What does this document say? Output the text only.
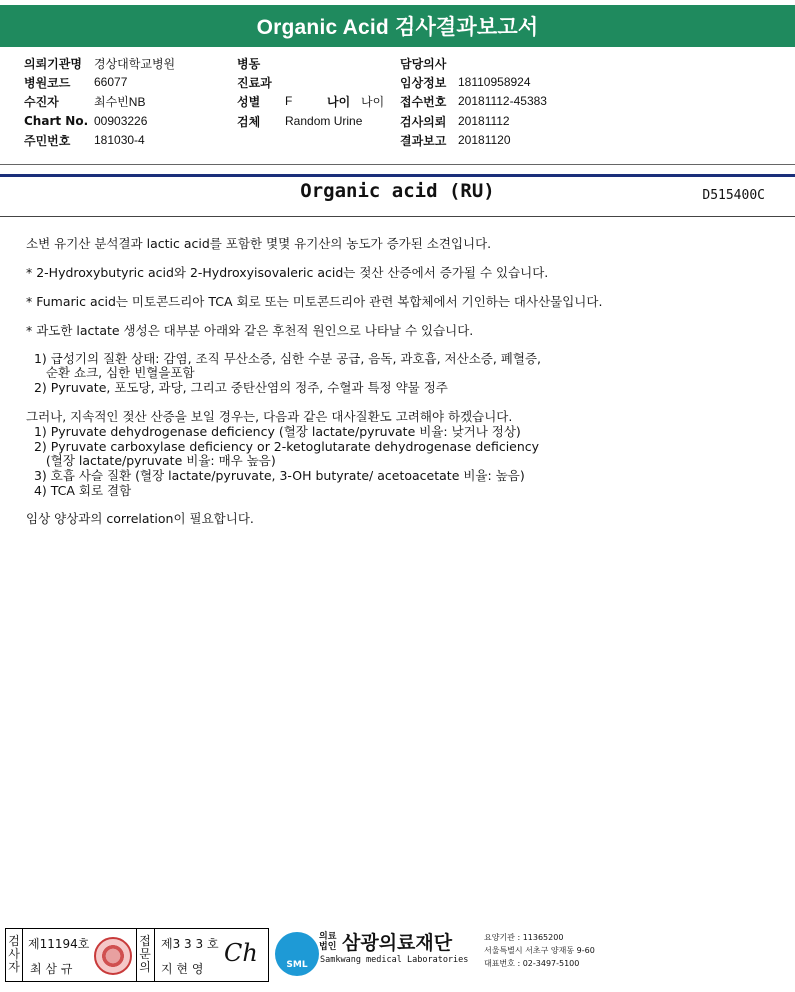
Organic Acid 검사결과보고서
의뢰기관명	경상대학교병원
병원코드	66077
수진자	최수빈NB
Chart No. 00903226
주민번호	181030-4
병동
진료과
성별	F	나이 나이
검체	Random Urine
담당의사
임상정보 18110958924
접수번호 20181112-45383
검사의뢰 20181112
결과보고 20181120
Organic acid (RU)	D515400C
소변 유기산 분석결과 lactic acid를 포함한 몇몇 유기산의 농도가 증가된 소견입니다.
* 2-Hydroxybutyric acid와 2-Hydroxyisovaleric acid는 젖산 산증에서 증가될 수 있습니다.
* Fumaric acid는 미토콘드리아 TCA 회로 또는 미토콘드리아 관련 복합체에서 기인하는 대사산물입니다.
* 과도한 lactate 생성은 대부분 아래와 같은 후천적 원인으로 나타날 수 있습니다.
1) 급성기의 질환 상태: 감염, 조직 무산소증, 심한 수분 공급, 음독, 과호흡, 저산소증, 폐혈증,
순환 쇼크, 심한 빈혈을포함
2) Pyruvate, 포도당, 과당, 그리고 중탄산염의 정주, 수혈과 특정 약물 정주
그러나, 지속적인 젖산 산증을 보일 경우는, 다음과 같은 대사질환도 고려해야 하겠습니다.
1) Pyruvate dehydrogenase deficiency (혈장 lactate/pyruvate 비율: 낮거나 정상)
2) Pyruvate carboxylase deficiency or 2-ketoglutarate dehydrogenase deficiency
(혈장 lactate/pyruvate 비율: 매우 높음)
3) 호흡 사슬 질환 (혈장 lactate/pyruvate, 3-OH butyrate/ acetoacetate 비율: 높음)
4) TCA 회로 결함
임상 양상과의 correlation이 필요합니다.
검
사
자
제11194호
최 삼 규
접
문
의
제3 3 3 호
지 현 영
Ch	SML
의료
법인 삼광의료재단
Samkwang medical Laboratories
요양기관 : 11365200
서울특별시 서초구 양재동 9-60
대표번호 : 02-3497-5100
